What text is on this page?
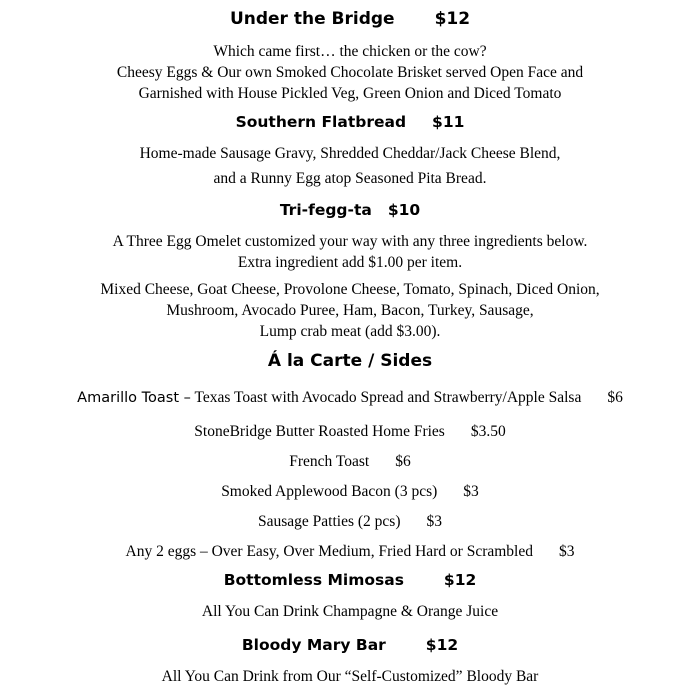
Under the Bridge $12
Which came first… the chicken or the cow?
Cheesy Eggs & Our own Smoked Chocolate Brisket served Open Face and
Garnished with House Pickled Veg, Green Onion and Diced Tomato
Southern Flatbread $11
Home-made Sausage Gravy, Shredded Cheddar/Jack Cheese Blend,
and a Runny Egg atop Seasoned Pita Bread.
Tri-fegg-ta $10
A Three Egg Omelet customized your way with any three ingredients below.
Extra ingredient add $1.00 per item.
Mixed Cheese, Goat Cheese, Provolone Cheese, Tomato, Spinach, Diced Onion,
Mushroom, Avocado Puree, Ham, Bacon, Turkey, Sausage,
Lump crab meat (add $3.00).
Á la Carte / Sides
Amarillo Toast – Texas Toast with Avocado Spread and Strawberry/Apple Salsa $6
StoneBridge Butter Roasted Home Fries $3.50
French Toast $6
Smoked Applewood Bacon (3 pcs) $3
Sausage Patties (2 pcs) $3
Any 2 eggs – Over Easy, Over Medium, Fried Hard or Scrambled $3
Bottomless Mimosas	$12
All You Can Drink Champagne & Orange Juice
Bloody Mary Bar	$12
All You Can Drink from Our “Self-Customized” Bloody Bar
